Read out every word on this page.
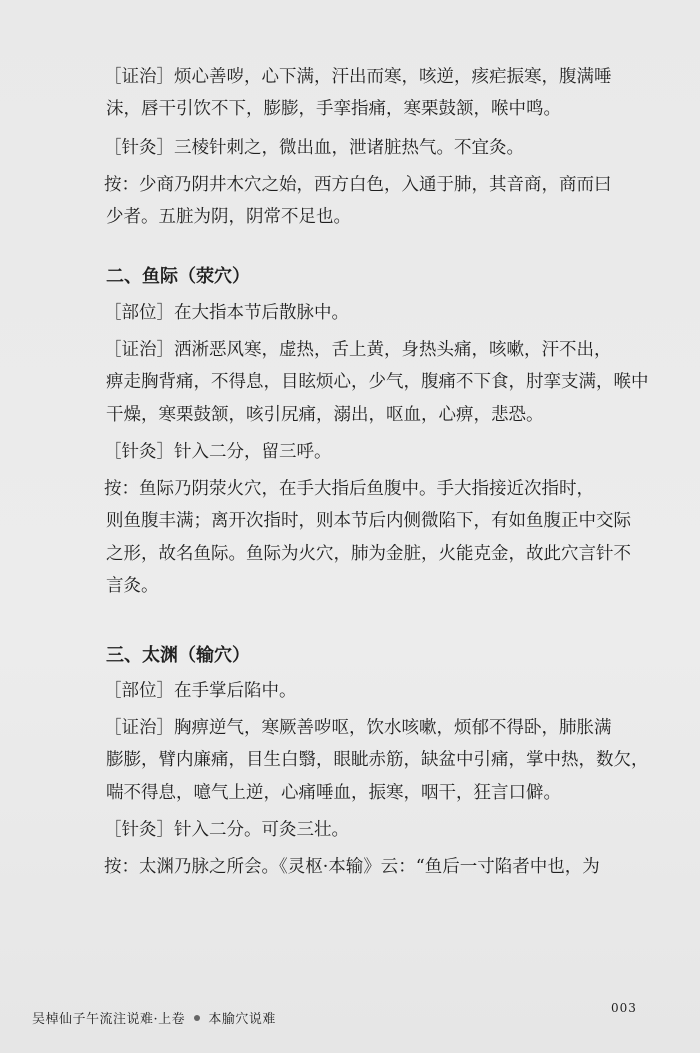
［证治］烦心善哕，心下满，汗出而寒，咳逆，痎疟振寒，腹满唾
沫，唇干引饮不下，膨膨，手挛指痛，寒栗鼓颔，喉中鸣。
［针灸］三棱针刺之，微出血，泄诸脏热气。不宜灸。
按：少商乃阴井木穴之始，西方白色，入通于肺，其音商，商而曰
少者。五脏为阴，阴常不足也。
二、鱼际（荥穴）
［部位］在大指本节后散脉中。
［证治］洒淅恶风寒，虚热，舌上黄，身热头痛，咳嗽，汗不出，
痹走胸背痛，不得息，目眩烦心，少气，腹痛不下食，肘挛支满，喉中
干燥，寒栗鼓颔，咳引尻痛，溺出，呕血，心痹，悲恐。
［针灸］针入二分，留三呼。
按：鱼际乃阴荥火穴，在手大指后鱼腹中。手大指接近次指时，
则鱼腹丰满；离开次指时，则本节后内侧微陷下，有如鱼腹正中交际
之形，故名鱼际。鱼际为火穴，肺为金脏，火能克金，故此穴言针不
言灸。
三、太渊（输穴）
［部位］在手掌后陷中。
［证治］胸痹逆气，寒厥善哕呕，饮水咳嗽，烦郁不得卧，肺胀满
膨膨，臂内廉痛，目生白翳，眼眦赤筋，缺盆中引痛，掌中热，数欠，
喘不得息，噫气上逆，心痛唾血，振寒，咽干，狂言口僻。
［针灸］针入二分。可灸三壮。
按：太渊乃脉之所会。《灵枢·本输》云：“鱼后一寸陷者中也，为
吴棹仙子午流注说难·上卷 本腧穴说难
003
